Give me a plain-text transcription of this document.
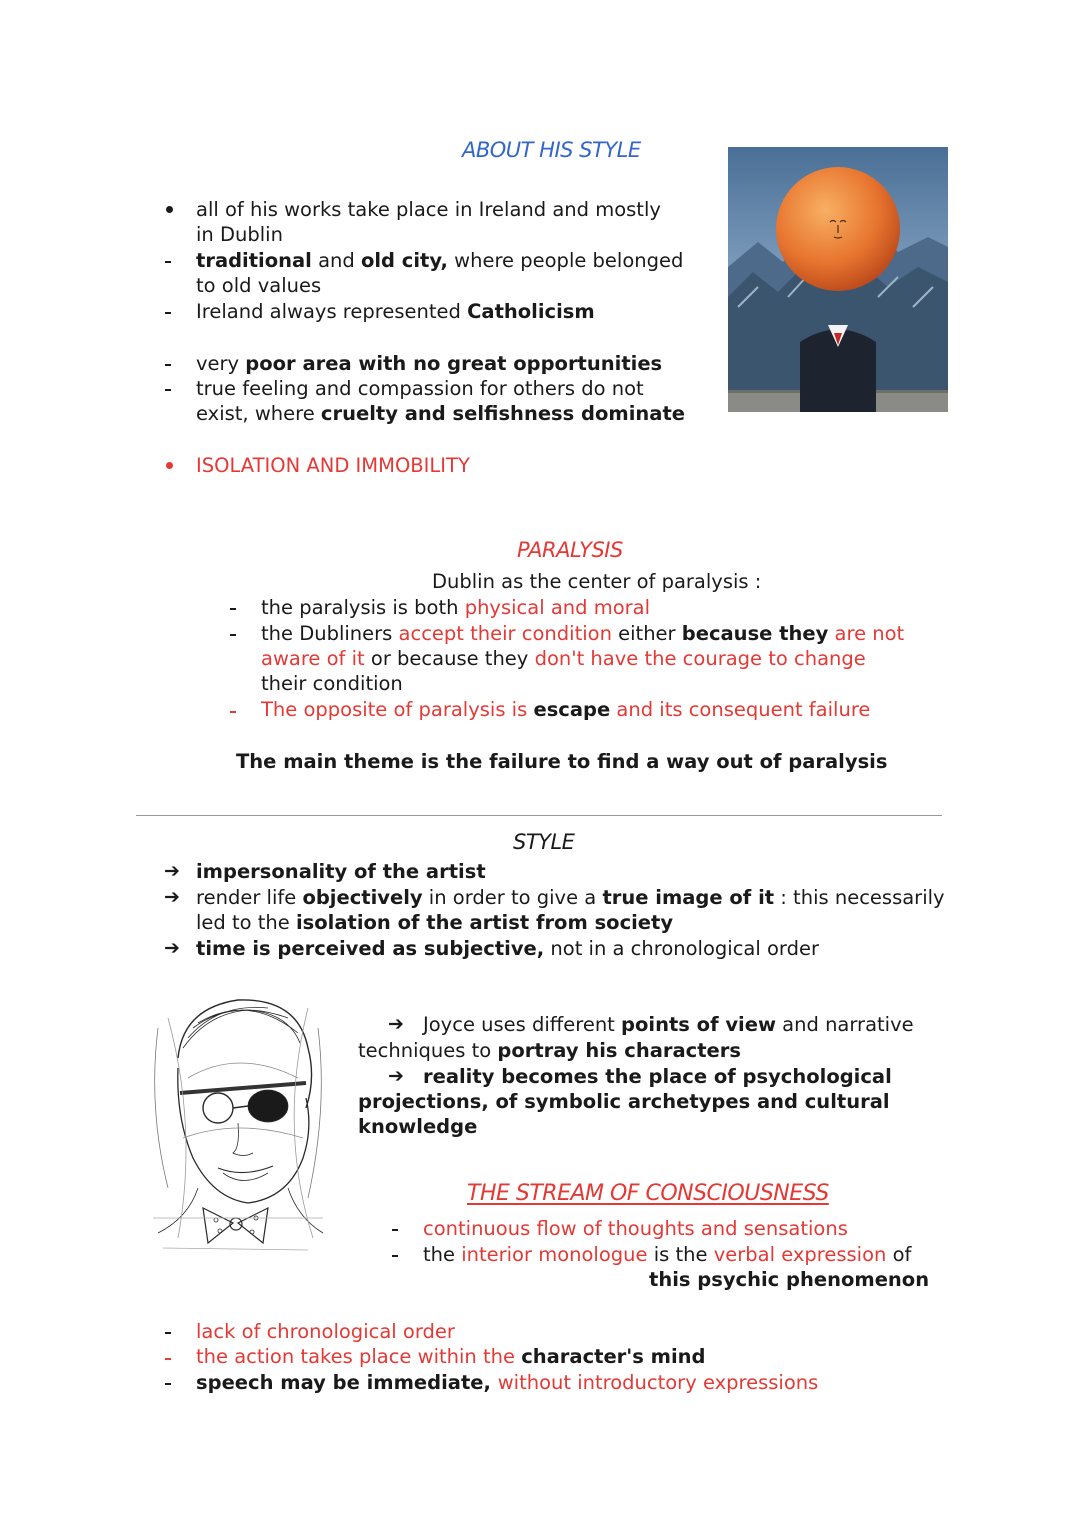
ABOUT HIS STYLE
all of his works take place in Ireland and mostly
in Dublin
traditional and old city, where people belonged
to old values
Ireland always represented Catholicism
very poor area with no great opportunities
true feeling and compassion for others do not
exist, where cruelty and selfishness dominate
ISOLATION AND IMMOBILITY
PARALYSIS
Dublin as the center of paralysis :
the paralysis is both physical and moral
the Dubliners accept their condition either because they are not
aware of it or because they don't have the courage to change
their condition
The opposite of paralysis is escape and its consequent failure
The main theme is the failure to find a way out of paralysis
STYLE
➔ impersonality of the artist
➔ render life objectively in order to give a true image of it : this necessarily
led to the isolation of the artist from society
➔ time is perceived as subjective, not in a chronological order
➔ Joyce uses different points of view and narrative
techniques to portray his characters
➔ reality becomes the place of psychological
projections, of symbolic archetypes and cultural
knowledge
THE STREAM OF CONSCIOUSNESS
continuous flow of thoughts and sensations
the interior monologue is the verbal expression of
this psychic phenomenon
lack of chronological order
the action takes place within the character's mind
speech may be immediate, without introductory expressions
